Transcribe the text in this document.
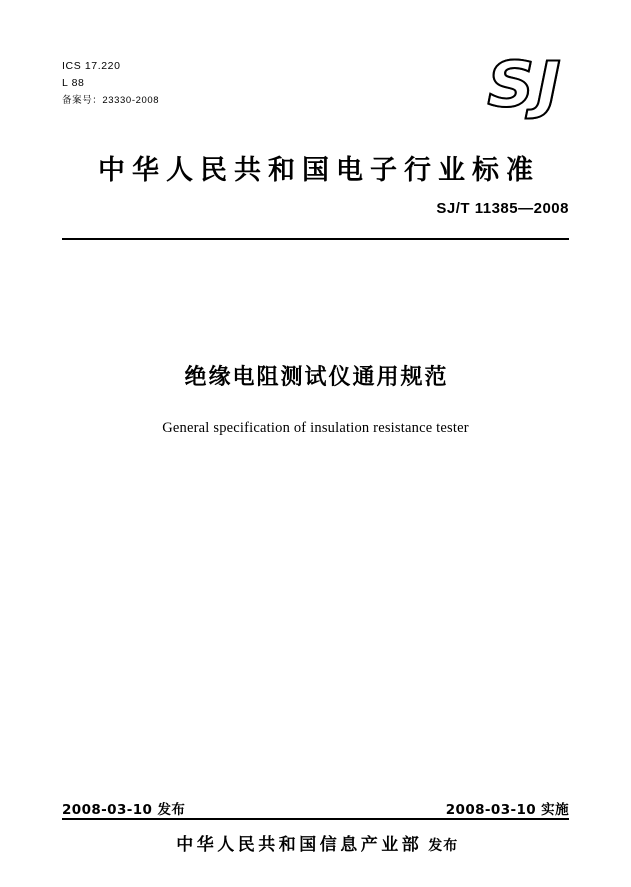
ICS 17.220
L 88
备案号：23330-2008	SJ
中华人民共和国电子行业标准
SJ/T 11385—2008
绝缘电阻测试仪通用规范
General specification of insulation resistance tester
2008-03-10 发布	2008-03-10 实施
中华人民共和国信息产业部 发布
